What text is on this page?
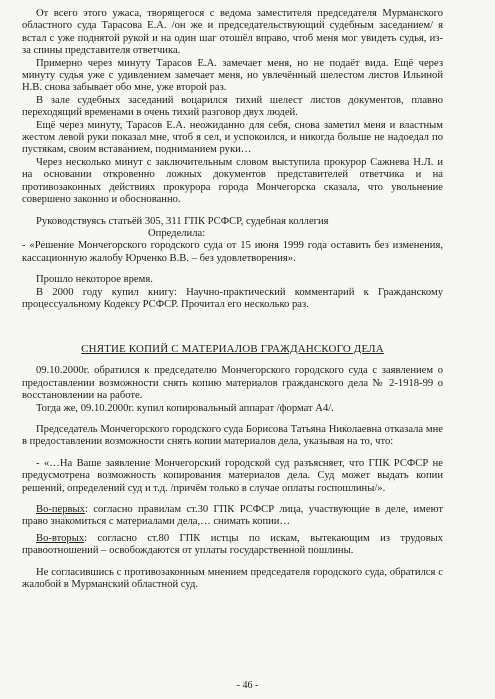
От всего этого ужаса, творящегося с ведома заместителя председателя Мурманского областного суда Тарасова Е.А. /он же и председательствующий судебным заседанием/ я встал с уже поднятой рукой и на один шаг отошёл вправо, чтоб меня мог увидеть судья, из-за спины представителя ответчика.

Примерно через минуту Тарасов Е.А. замечает меня, но не подаёт вида. Ещё через минуту судья уже с удивлением замечает меня, но увлечённый шелестом листов Ильиной Н.В. снова забывает обо мне, уже второй раз.

В зале судебных заседаний воцарился тихий шелест листов документов, плавно переходящий временами в очень тихий разговор двух людей.

Ещё через минуту, Тарасов Е.А. неожиданно для себя, снова заметил меня и властным жестом левой руки показал мне, чтоб я сел, и успокоился, и никогда больше не надоедал по пустякам, своим вставанием, подниманием руки…

Через несколько минут с заключительным словом выступила прокурор Сажнева Н.Л. и на основании откровенно ложных документов представителей ответчика и на противозаконных действиях прокурора города Мончегорска сказала, что увольнение совершено законно и обоснованно.

Руководствуясь статьёй 305, 311 ГПК РСФСР, судебная коллегия

Определила:

- «Решение Мончегорского городского суда от 15 июня 1999 года оставить без изменения, кассационную жалобу Юрченко В.В. – без удовлетворения».

Прошло некоторое время.

В 2000 году купил книгу: Научно-практический комментарий к Гражданскому процессуальному Кодексу РСФСР. Прочитал его несколько раз.

СНЯТИЕ КОПИЙ С МАТЕРИАЛОВ ГРАЖДАНСКОГО ДЕЛА

09.10.2000г. обратился к председателю Мончегорского городского суда с заявлением о предоставлении возможности снять копию материалов гражданского дела № 2-1918-99 о восстановлении на работе.

Тогда же, 09.10.2000г. купил копировальный аппарат /формат А4/.

Председатель Мончегорского городского суда Борисова Татьяна Николаевна отказала мне в предоставлении возможности снять копии материалов дела, указывая на то, что:

- «…На Ваше заявление Мончегорский городской суд разъясняет, что ГПК РСФСР не предусмотрена возможность копирования материалов дела. Суд может выдать копии решений, определений суд и т.д. /причём только в случае оплаты госпошлины/».

Во-первых: согласно правилам ст.30 ГПК РСФСР лица, участвующие в деле, имеют право знакомиться с материалами дела,… снимать копии…

Во-вторых: согласно ст.80 ГПК истцы по искам, вытекающим из трудовых правоотношений – освобождаются от уплаты государственной пошлины.

Не согласившись с противозаконным мнением председателя городского суда, обратился с жалобой в Мурманский областной суд.

- 46 -
